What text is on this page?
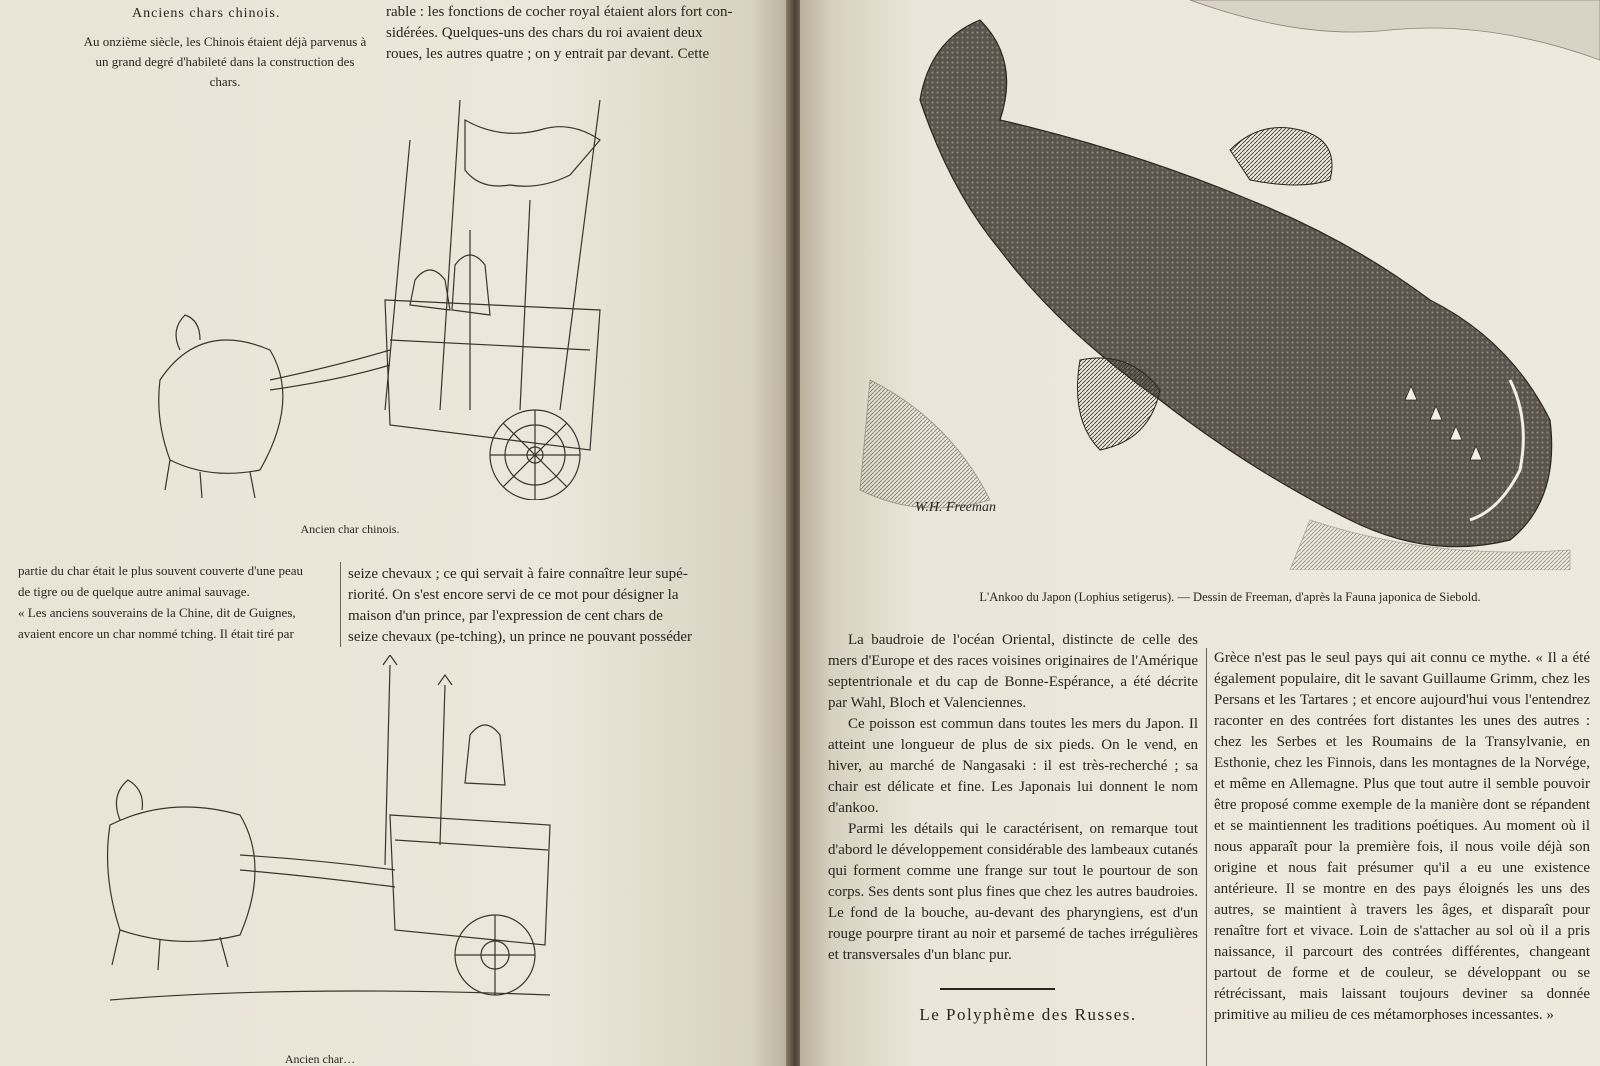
Anciens chars chinois.
Au onzième siècle, les Chinois étaient déjà parvenus à un grand degré d'habileté dans la construction des chars.

rable : les fonctions de cocher royal étaient alors fort con-

sidérées. Quelques-uns des chars du roi avaient deux

roues, les autres quatre ; on y entrait par devant. Cette

Ancien char chinois.

partie du char était le plus souvent couverte d'une peau

de tigre ou de quelque autre animal sauvage.

« Les anciens souverains de la Chine, dit de Guignes,

avaient encore un char nommé tching. Il était tiré par

seize chevaux ; ce qui servait à faire connaître leur supé-

riorité. On s'est encore servi de ce mot pour désigner la

maison d'un prince, par l'expression de cent chars de

seize chevaux (pe-tching), un prince ne pouvant posséder

Ancien char…
W.H. Freeman
L'Ankoo du Japon (Lophius setigerus). — Dessin de Freeman, d'après la Fauna japonica de Siebold.

La baudroie de l'océan Oriental, distincte de celle des mers d'Europe et des races voisines originaires de l'Amérique septentrionale et du cap de Bonne-Espérance, a été décrite par Wahl, Bloch et Valenciennes.

Ce poisson est commun dans toutes les mers du Japon. Il atteint une longueur de plus de six pieds. On le vend, en hiver, au marché de Nangasaki : il est très-recherché ; sa chair est délicate et fine. Les Japonais lui donnent le nom d'ankoo.

Parmi les détails qui le caractérisent, on remarque tout d'abord le développement considérable des lambeaux cutanés qui forment comme une frange sur tout le pourtour de son corps. Ses dents sont plus fines que chez les autres baudroies. Le fond de la bouche, au-devant des pharyngiens, est d'un rouge pourpre tirant au noir et parsemé de taches irrégulières et transversales d'un blanc pur.

Le Polyphème des Russes.

Grèce n'est pas le seul pays qui ait connu ce mythe. « Il a été également populaire, dit le savant Guillaume Grimm, chez les Persans et les Tartares ; et encore aujourd'hui vous l'entendrez raconter en des contrées fort distantes les unes des autres : chez les Serbes et les Roumains de la Transylvanie, en Esthonie, chez les Finnois, dans les montagnes de la Norvége, et même en Allemagne. Plus que tout autre il semble pouvoir être proposé comme exemple de la manière dont se répandent et se maintiennent les traditions poétiques. Au moment où il nous apparaît pour la première fois, il nous voile déjà son origine et nous fait présumer qu'il a eu une existence antérieure. Il se montre en des pays éloignés les uns des autres, se maintient à travers les âges, et disparaît pour renaître fort et vivace. Loin de s'attacher au sol où il a pris naissance, il parcourt des contrées différentes, changeant partout de forme et de couleur, se développant ou se rétrécissant, mais laissant toujours deviner sa donnée primitive au milieu de ces métamorphoses incessantes. »
